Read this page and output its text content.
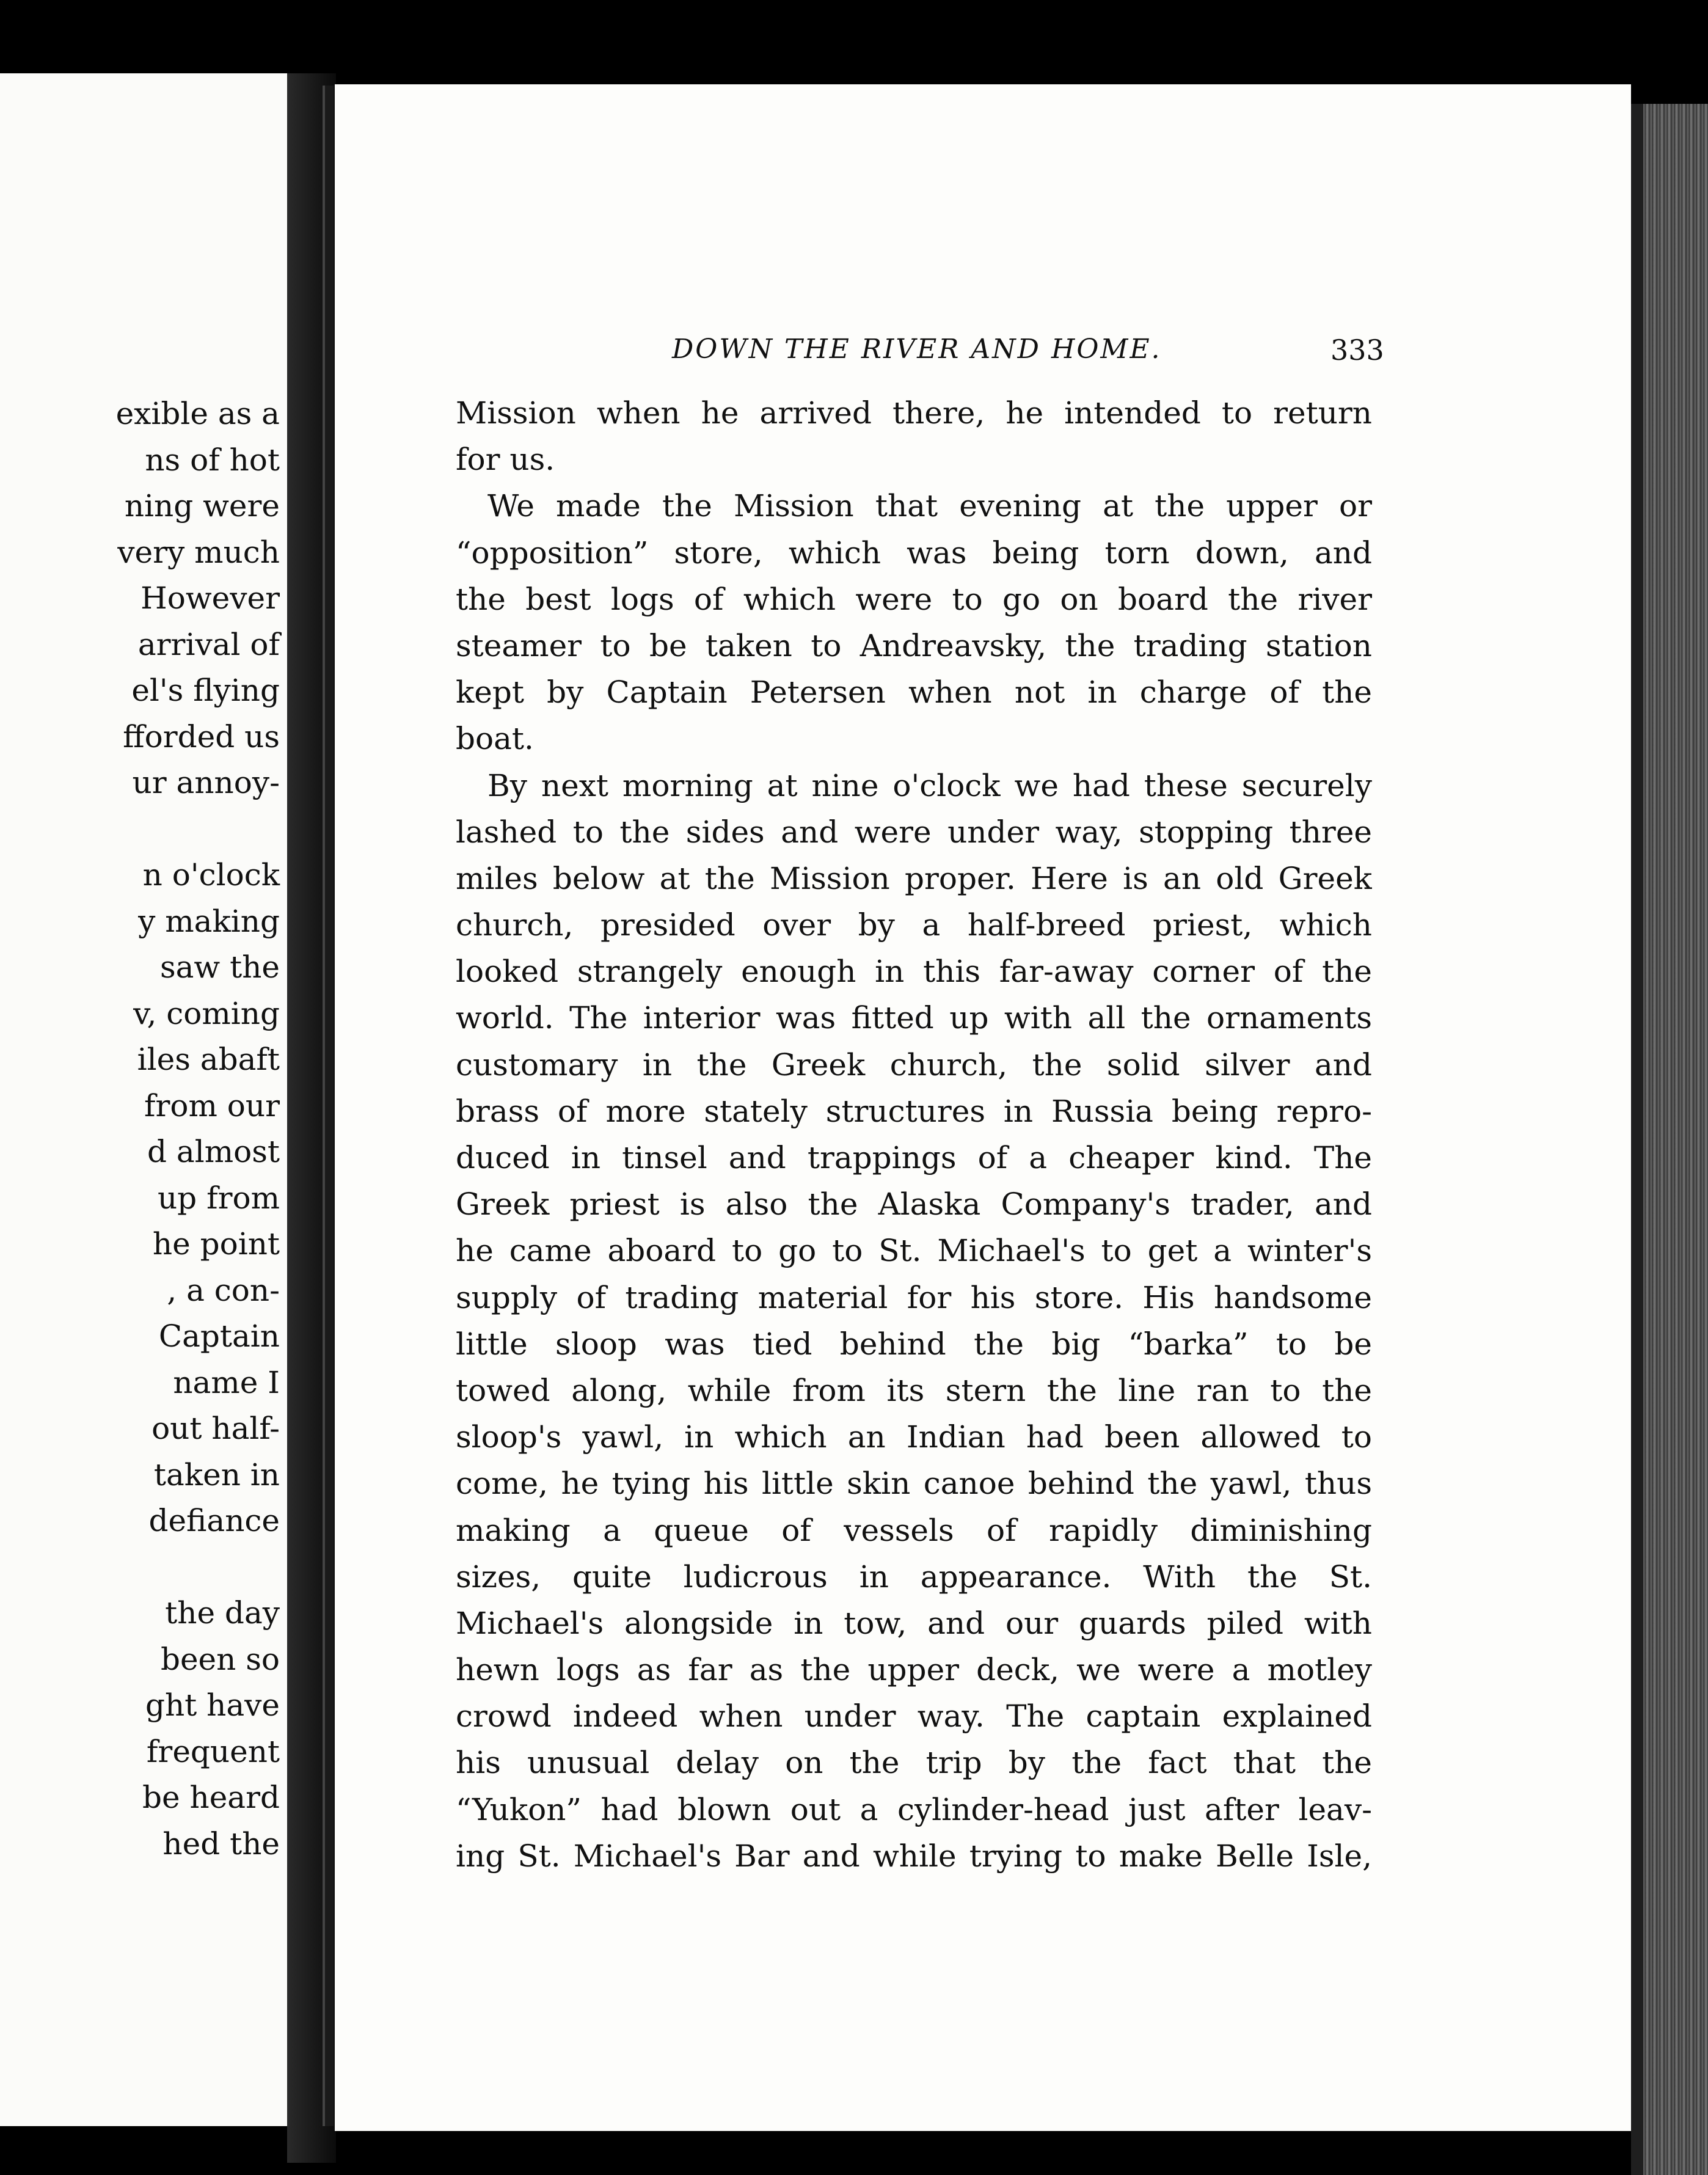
exible as a
ns of hot
ning were
very much
However
arrival of
el's flying
fforded us
ur annoy-
n o'clock
y making
saw the
v, coming
iles abaft
from our
d almost
up from
he point
, a con-
Captain
name I
out half-
taken in
defiance
the day
been so
ght have
frequent
be heard
hed the
DOWN THE RIVER AND HOME.	333
Mission when he arrived there, he intended to return
for us.
We made the Mission that evening at the upper or
“opposition” store, which was being torn down, and
the best logs of which were to go on board the river
steamer to be taken to Andreavsky, the trading station
kept by Captain Petersen when not in charge of the
boat.
By next morning at nine o'clock we had these securely
lashed to the sides and were under way, stopping three
miles below at the Mission proper. Here is an old Greek
church, presided over by a half-breed priest, which
looked strangely enough in this far-away corner of the
world. The interior was fitted up with all the ornaments
customary in the Greek church, the solid silver and
brass of more stately structures in Russia being repro-
duced in tinsel and trappings of a cheaper kind. The
Greek priest is also the Alaska Company's trader, and
he came aboard to go to St. Michael's to get a winter's
supply of trading material for his store. His handsome
little sloop was tied behind the big “barka” to be
towed along, while from its stern the line ran to the
sloop's yawl, in which an Indian had been allowed to
come, he tying his little skin canoe behind the yawl, thus
making a queue of vessels of rapidly diminishing
sizes, quite ludicrous in appearance. With the St.
Michael's alongside in tow, and our guards piled with
hewn logs as far as the upper deck, we were a motley
crowd indeed when under way. The captain explained
his unusual delay on the trip by the fact that the
“Yukon” had blown out a cylinder-head just after leav-
ing St. Michael's Bar and while trying to make Belle Isle,
